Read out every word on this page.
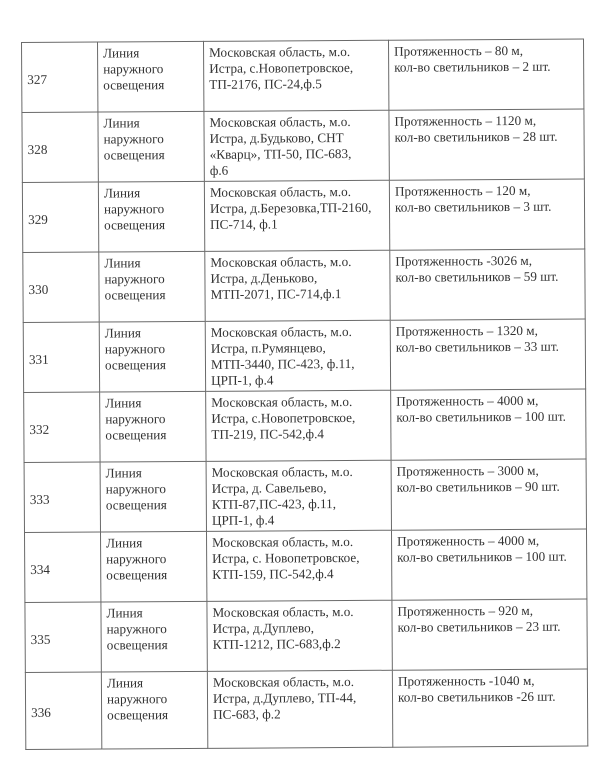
327	Линия
наружного
освещения	Московская область, м.о.
Истра, с.Новопетровское,
ТП-2176, ПС-24,ф.5	Протяженность – 80 м,
кол-во светильников – 2 шт.

328	Линия
наружного
освещения	Московская область, м.о.
Истра, д.Будьково, СНТ
«Кварц», ТП-50, ПС-683,
ф.6	Протяженность – 1120 м,
кол-во светильников – 28 шт.

329	Линия
наружного
освещения	Московская область, м.о.
Истра, д.Березовка,ТП-2160,
ПС-714, ф.1	Протяженность – 120 м,
кол-во светильников – 3 шт.

330	Линия
наружного
освещения	Московская область, м.о.
Истра, д.Деньково,
МТП-2071, ПС-714,ф.1	Протяженность -3026 м,
кол-во светильников – 59 шт.

331	Линия
наружного
освещения	Московская область, м.о.
Истра, п.Румянцево,
МТП-3440, ПС-423, ф.11,
ЦРП-1, ф.4	Протяженность – 1320 м,
кол-во светильников – 33 шт.

332	Линия
наружного
освещения	Московская область, м.о.
Истра, с.Новопетровское,
ТП-219, ПС-542,ф.4	Протяженность – 4000 м,
кол-во светильников – 100 шт.

333	Линия
наружного
освещения	Московская область, м.о.
Истра, д. Савельево,
КТП-87,ПС-423, ф.11,
ЦРП-1, ф.4	Протяженность – 3000 м,
кол-во светильников – 90 шт.

334	Линия
наружного
освещения	Московская область, м.о.
Истра, с. Новопетровское,
КТП-159, ПС-542,ф.4	Протяженность – 4000 м,
кол-во светильников – 100 шт.

335	Линия
наружного
освещения	Московская область, м.о.
Истра, д.Дуплево,
КТП-1212, ПС-683,ф.2	Протяженность – 920 м,
кол-во светильников – 23 шт.

336	Линия
наружного
освещения	Московская область, м.о.
Истра, д.Дуплево, ТП-44,
ПС-683, ф.2	Протяженность -1040 м,
кол-во светильников -26 шт.
